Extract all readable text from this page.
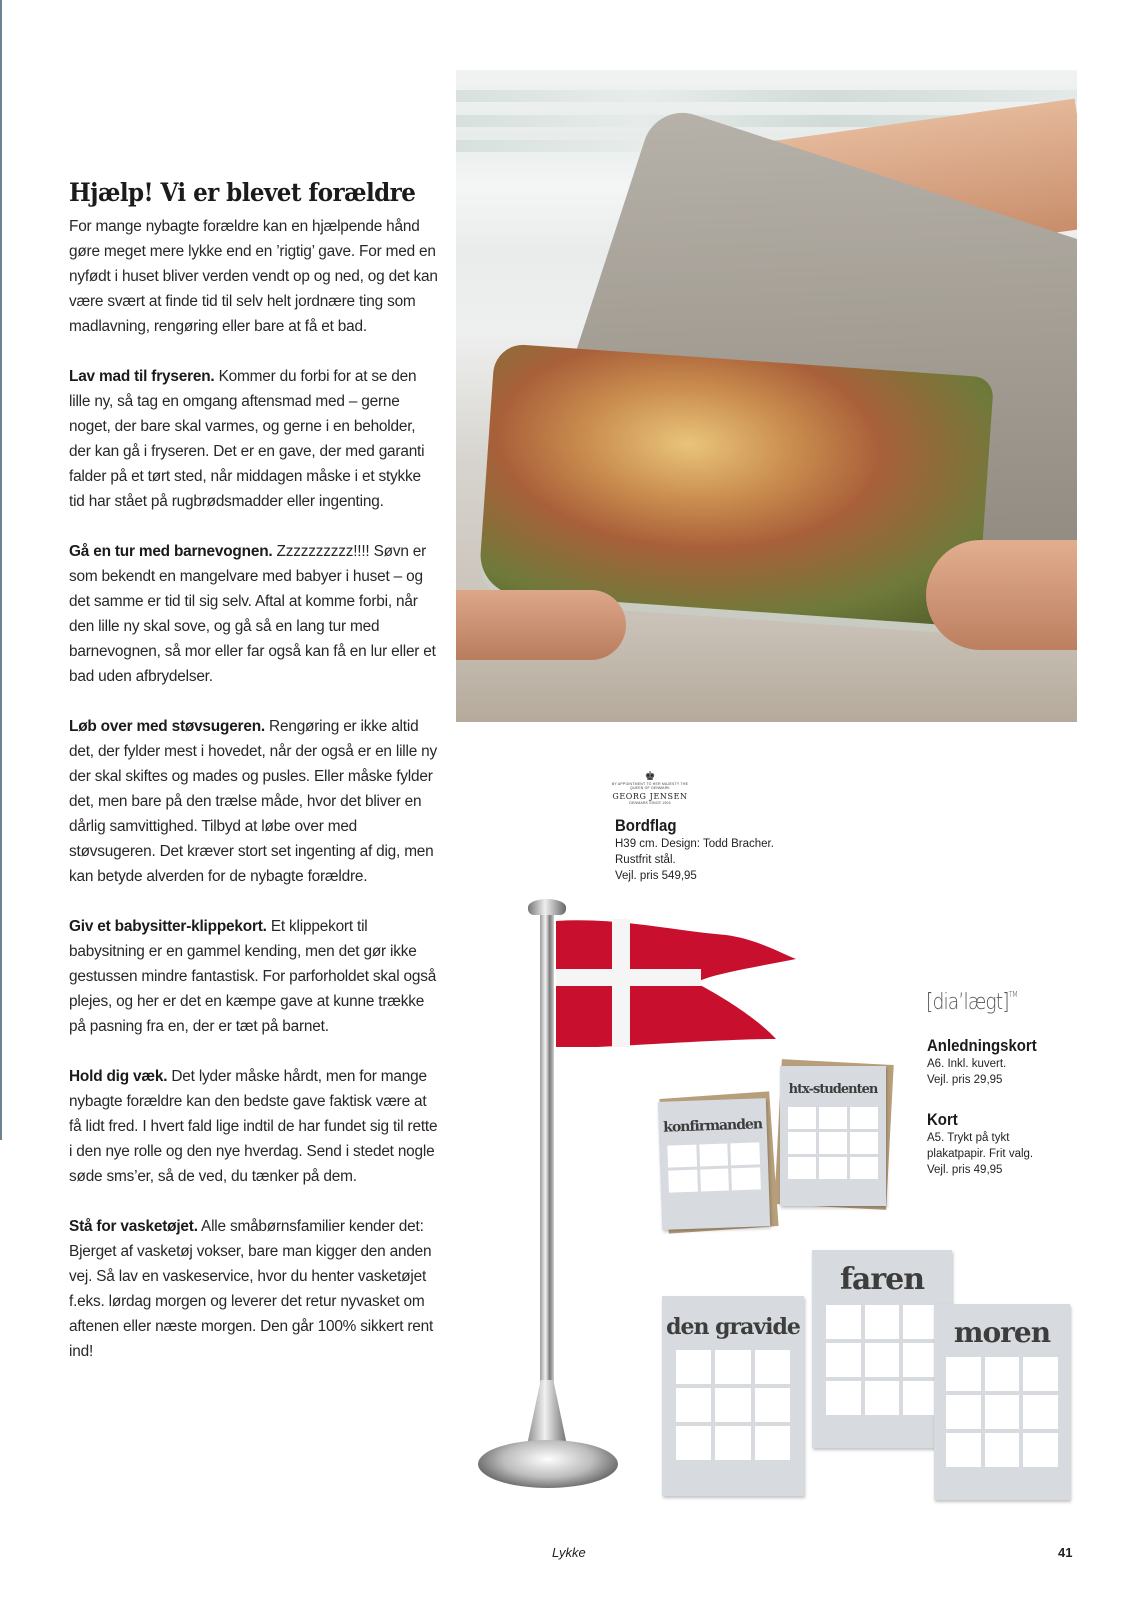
Hjælp! Vi er blevet forældre

For mange nybagte forældre kan en hjælpende hånd gøre meget mere lykke end en ’rigtig’ gave. For med en nyfødt i huset bliver verden vendt op og ned, og det kan være svært at finde tid til selv helt jordnære ting som madlavning, rengøring eller bare at få et bad.

Lav mad til fryseren. Kommer du forbi for at se den lille ny, så tag en omgang aftensmad med – gerne noget, der bare skal varmes, og gerne i en beholder, der kan gå i fryseren. Det er en gave, der med garanti falder på et tørt sted, når middagen måske i et stykke tid har stået på rugbrødsmadder eller ingenting.

Gå en tur med barnevognen. Zzzzzzzzzz!!!! Søvn er som bekendt en mangelvare med babyer i huset – og det samme er tid til sig selv. Aftal at komme forbi, når den lille ny skal sove, og gå så en lang tur med barnevognen, så mor eller far også kan få en lur eller et bad uden afbrydelser.

Løb over med støvsugeren. Rengøring er ikke altid det, der fylder mest i hovedet, når der også er en lille ny der skal skiftes og mades og pusles. Eller måske fylder det, men bare på den trælse måde, hvor det bliver en dårlig samvittighed. Tilbyd at løbe over med støvsugeren. Det kræver stort set ingenting af dig, men kan betyde alverden for de nybagte forældre.

Giv et babysitter-klippekort. Et klippekort til babysitning er en gammel kending, men det gør ikke gestussen mindre fantastisk. For parforholdet skal også plejes, og her er det en kæmpe gave at kunne trække på pasning fra en, der er tæt på barnet.

Hold dig væk. Det lyder måske hårdt, men for mange nybagte forældre kan den bedste gave faktisk være at få lidt fred. I hvert fald lige indtil de har fundet sig til rette i den nye rolle og den nye hverdag. Send i stedet nogle søde sms’er, så de ved, du tænker på dem.

Stå for vasketøjet. Alle småbørnsfamilier kender det: Bjerget af vasketøj vokser, bare man kigger den anden vej. Så lav en vaskeservice, hvor du henter vasketøjet f.eks. lørdag morgen og leverer det retur nyvasket om aftenen eller næste morgen. Den går 100% sikkert rent ind!

♚
BY APPOINTMENT TO HER MAJESTY THE QUEEN OF DENMARK
GEORG JENSEN
DENMARK SINCE 1904
Bordflag
H39 cm. Design: Todd Bracher.
Rustfrit stål.
Vejl. pris 549,95
[dia’lægt]™
Anledningskort
A6. Inkl. kuvert.
Vejl. pris 29,95
Kort
A5. Trykt på tykt
plakatpapir. Frit valg.
Vejl. pris 49,95
konfirmanden
htx-studenten
faren
den gravide	moren
Lykke	41
